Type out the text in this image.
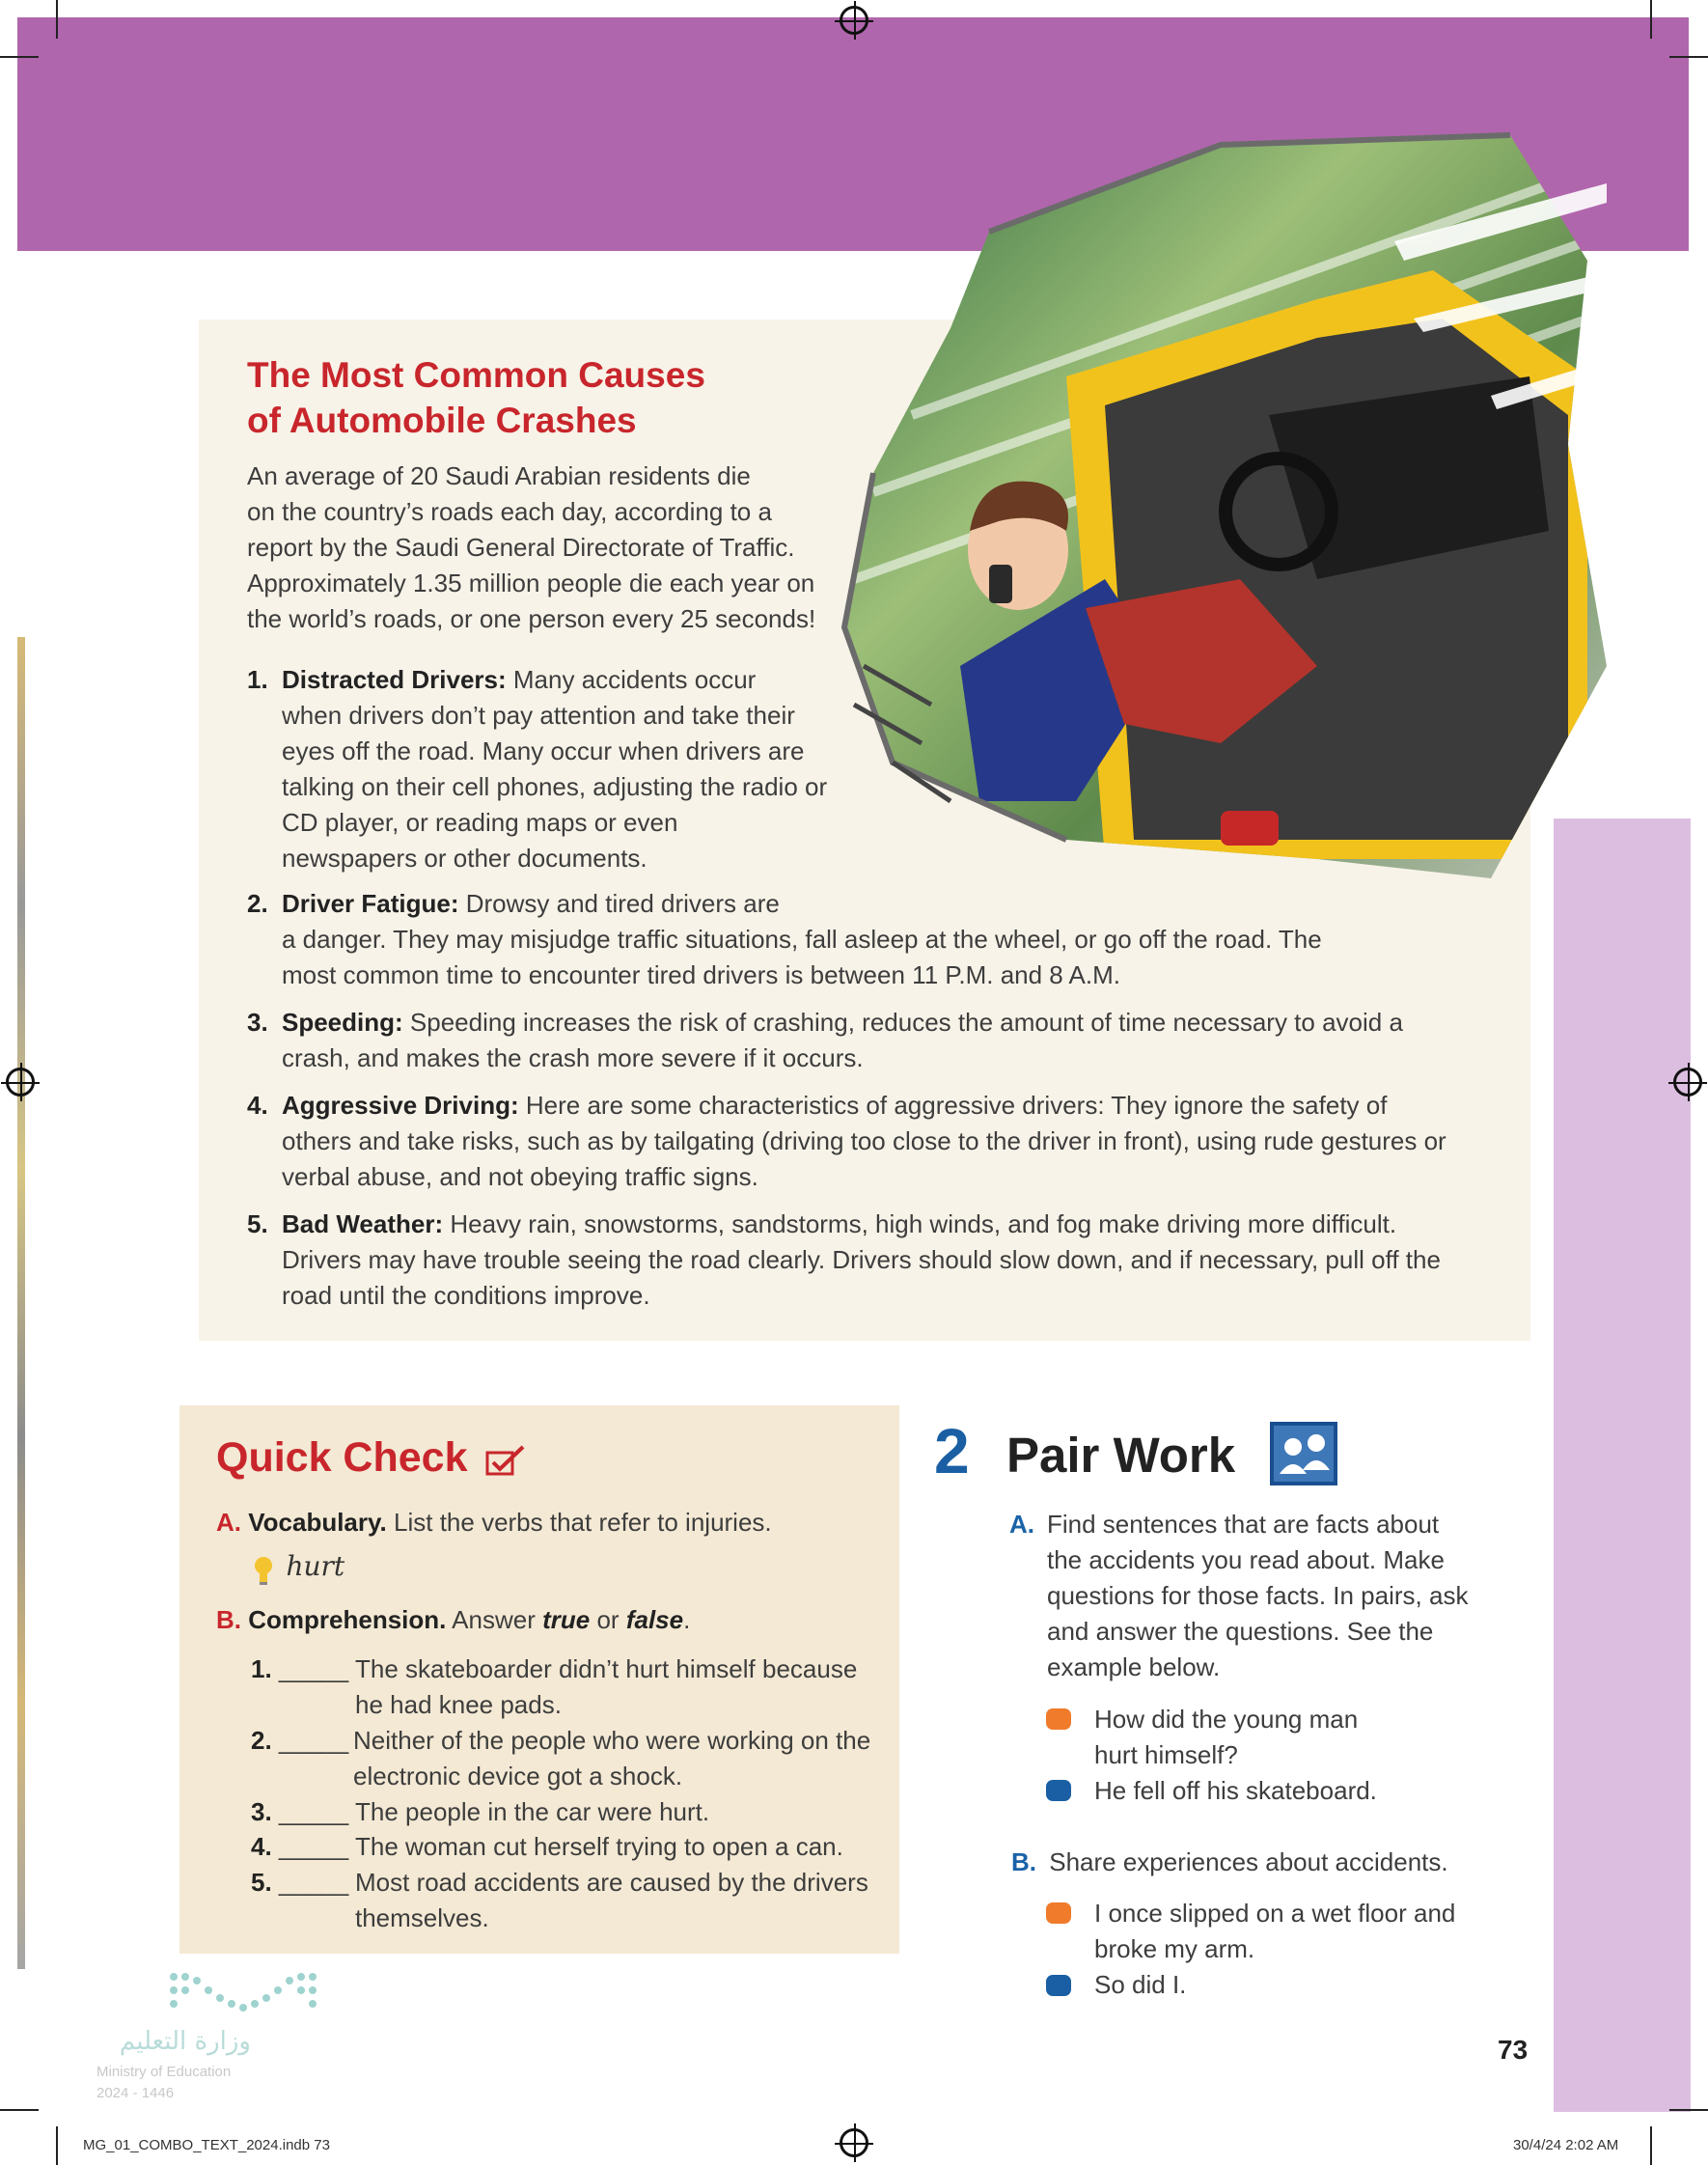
The Most Common Causes
of Automobile Crashes
An average of 20 Saudi Arabian residents die
on the country’s roads each day, according to a
report by the Saudi General Directorate of Traffic.
Approximately 1.35 million people die each year on
the world’s roads, or one person every 25 seconds!
1. Distracted Drivers: Many accidents occur
when drivers don’t pay attention and take their
eyes off the road. Many occur when drivers are
talking on their cell phones, adjusting the radio or
CD player, or reading maps or even
newspapers or other documents.
2. Driver Fatigue: Drowsy and tired drivers are
a danger. They may misjudge traffic situations, fall asleep at the wheel, or go off the road. The
most common time to encounter tired drivers is between 11 P.M. and 8 A.M.
3. Speeding: Speeding increases the risk of crashing, reduces the amount of time necessary to avoid a
crash, and makes the crash more severe if it occurs.
4. Aggressive Driving: Here are some characteristics of aggressive drivers: They ignore the safety of
others and take risks, such as by tailgating (driving too close to the driver in front), using rude gestures or
verbal abuse, and not obeying traffic signs.
5. Bad Weather: Heavy rain, snowstorms, sandstorms, high winds, and fog make driving more difficult.
Drivers may have trouble seeing the road clearly. Drivers should slow down, and if necessary, pull off the
road until the conditions improve.
Quick Check
A. Vocabulary. List the verbs that refer to injuries.
hurt
B. Comprehension. Answer true or false.
1. _____ The skateboarder didn’t hurt himself because
he had knee pads.
2. _____ Neither of the people who were working on the
electronic device got a shock.
3. _____ The people in the car were hurt.
4. _____ The woman cut herself trying to open a can.
5. _____ Most road accidents are caused by the drivers
themselves.
2 Pair Work
A. Find sentences that are facts about
the accidents you read about. Make
questions for those facts. In pairs, ask
and answer the questions. See the
example below.
How did the young man
hurt himself?
He fell off his skateboard.
B. Share experiences about accidents.
I once slipped on a wet floor and
broke my arm.
So did I.
وزارة التعليم
Ministry of Education
2024 - 1446
73
MG_01_COMBO_TEXT_2024.indb 73	30/4/24 2:02 AM
